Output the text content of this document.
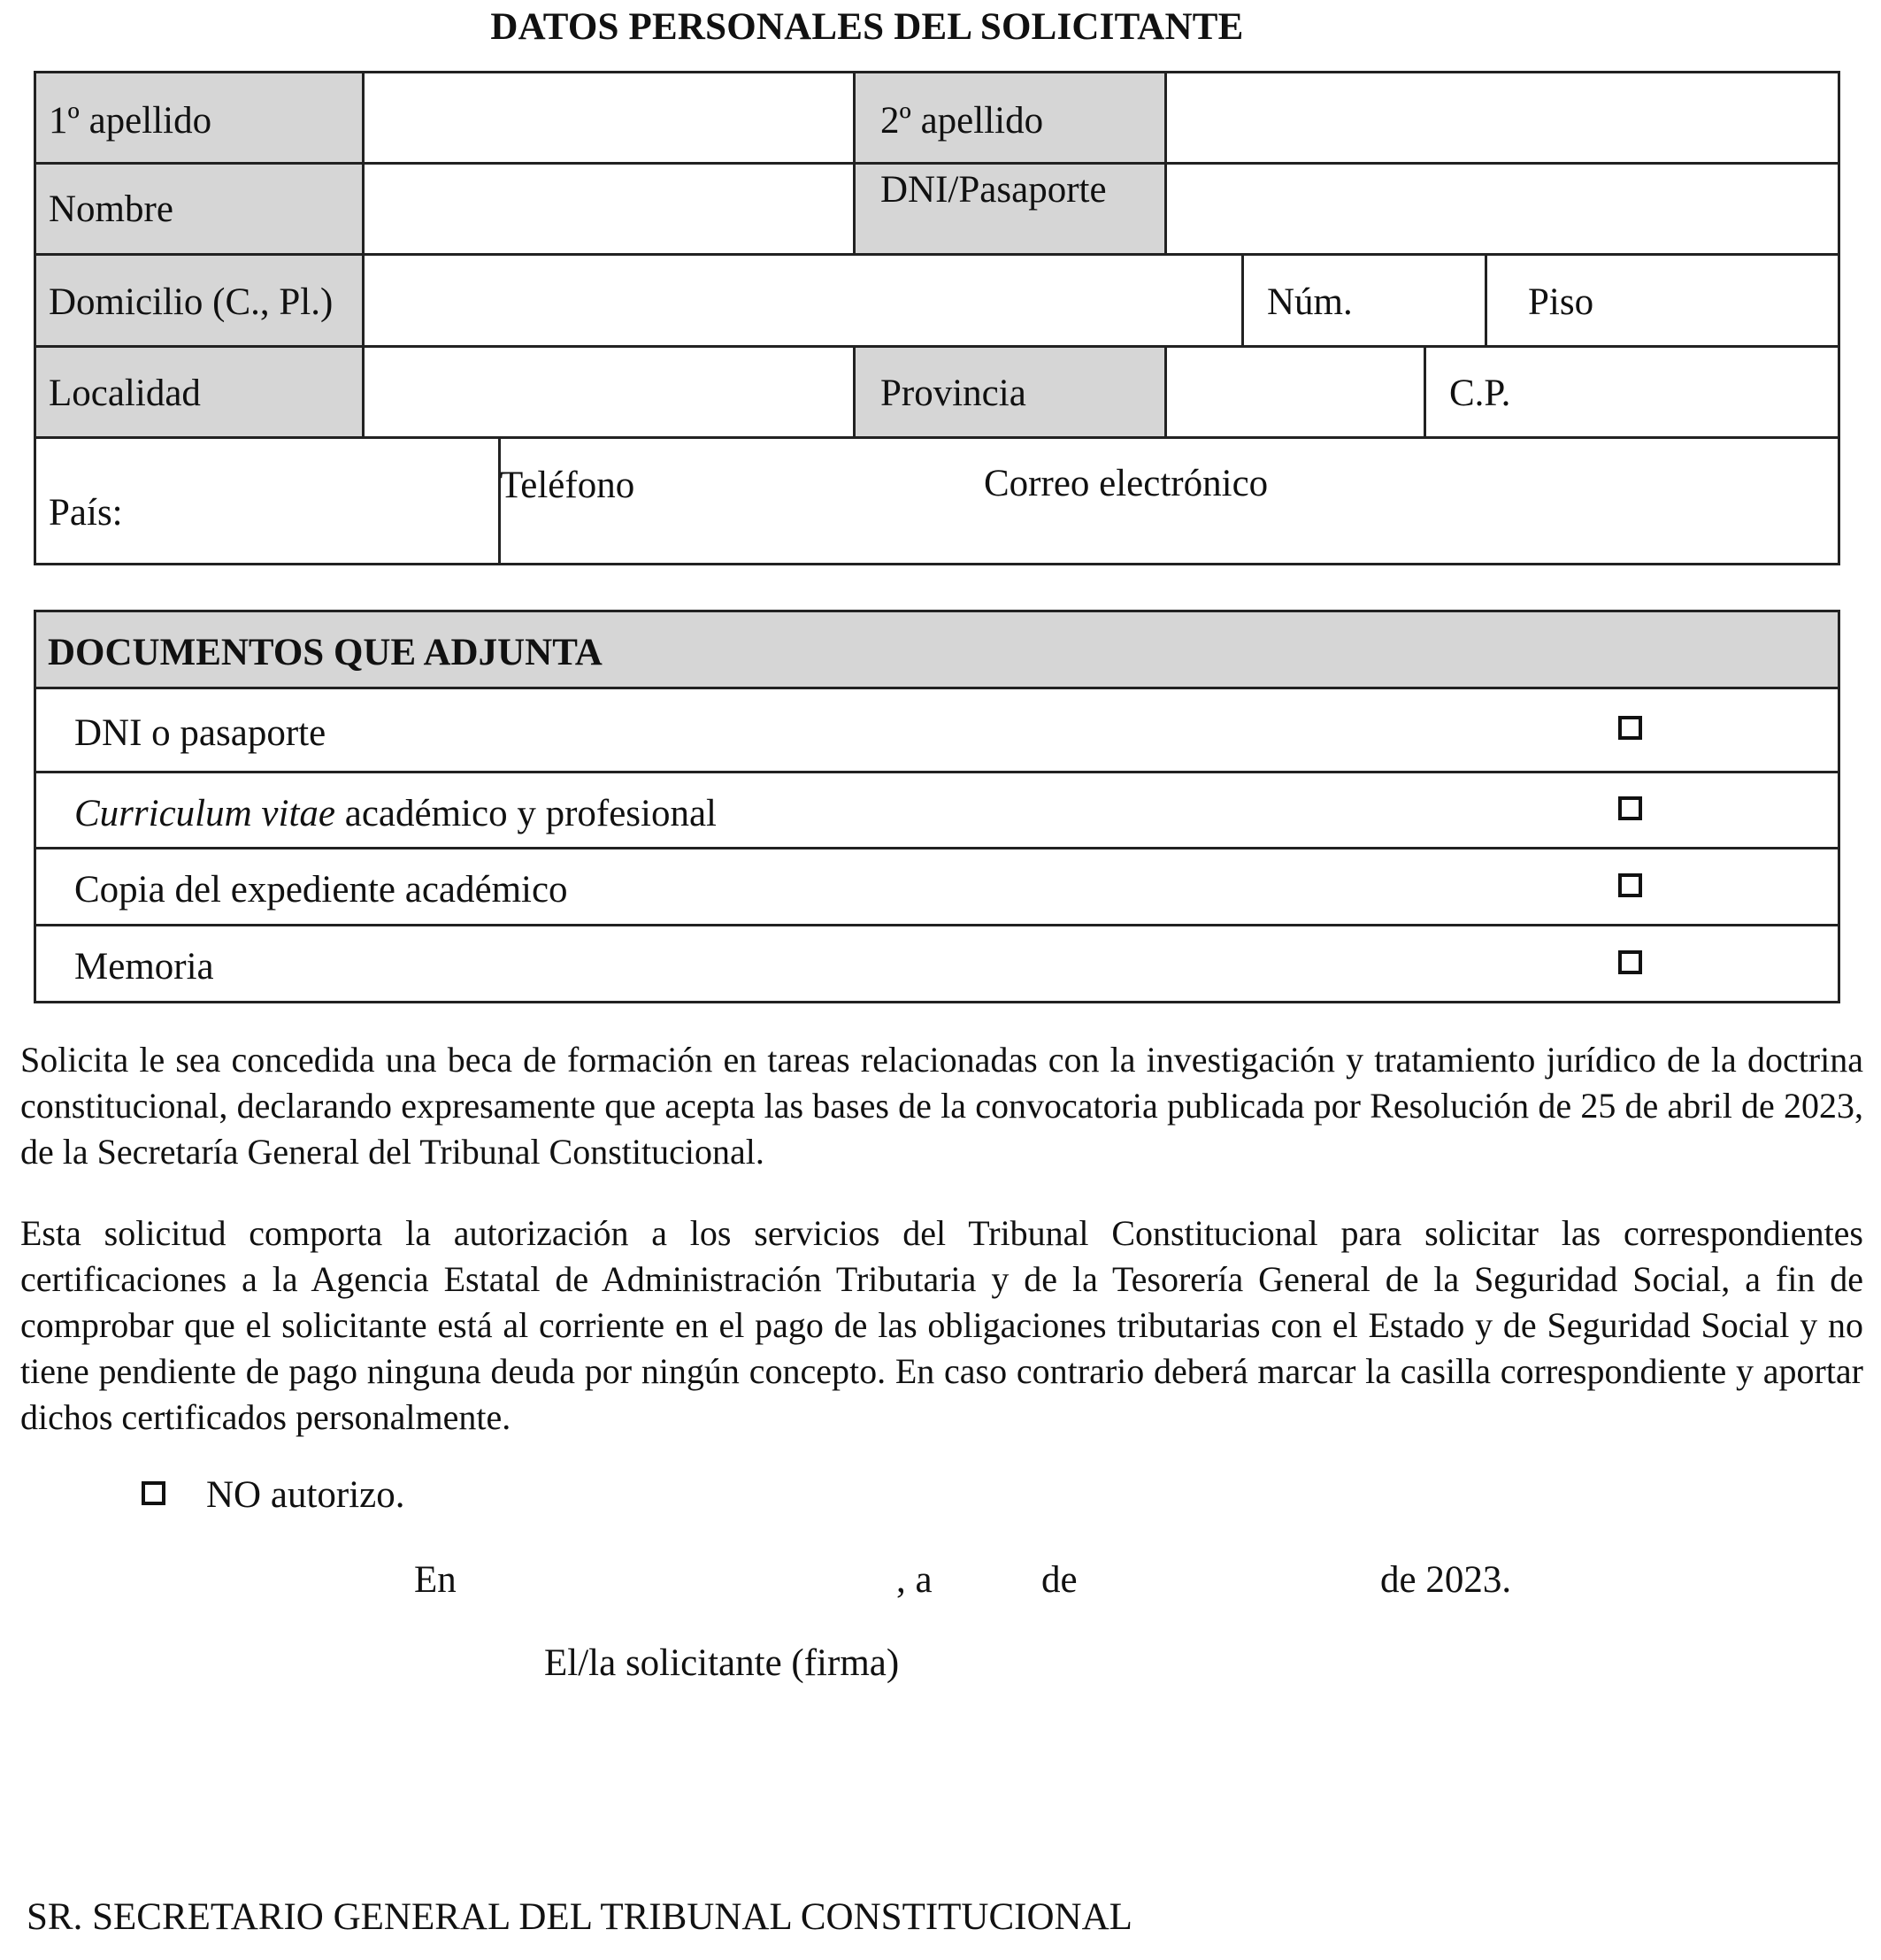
DATOS PERSONALES DEL SOLICITANTE
1º apellido	2º apellido
Nombre	DNI/Pasaporte
Domicilio (C., Pl.)	Núm.	Piso
Localidad	Provincia	C.P.
País:
Teléfono	Correo electrónico
DOCUMENTOS QUE ADJUNTA
DNI o pasaporte
Curriculum vitae académico y profesional
Copia del expediente académico
Memoria
Solicita le sea concedida una beca de formación en tareas relacionadas con la investigación y tratamiento jurídico de la doctrina constitucional, declarando expresamente que acepta las bases de la convocatoria publicada por Resolución de 25 de abril de 2023, de la Secretaría General del Tribunal Constitucional.
Esta solicitud comporta la autorización a los servicios del Tribunal Constitucional para solicitar las correspondientes certificaciones a la Agencia Estatal de Administración Tributaria y de la Tesorería General de la Seguridad Social, a fin de comprobar que el solicitante está al corriente en el pago de las obligaciones tributarias con el Estado y de Seguridad Social y no tiene pendiente de pago ninguna deuda por ningún concepto. En caso contrario deberá marcar la casilla correspondiente y aportar dichos certificados personalmente.
NO autorizo.
En	, a	de	de 2023.
El/la solicitante (firma)
SR. SECRETARIO GENERAL DEL TRIBUNAL CONSTITUCIONAL
